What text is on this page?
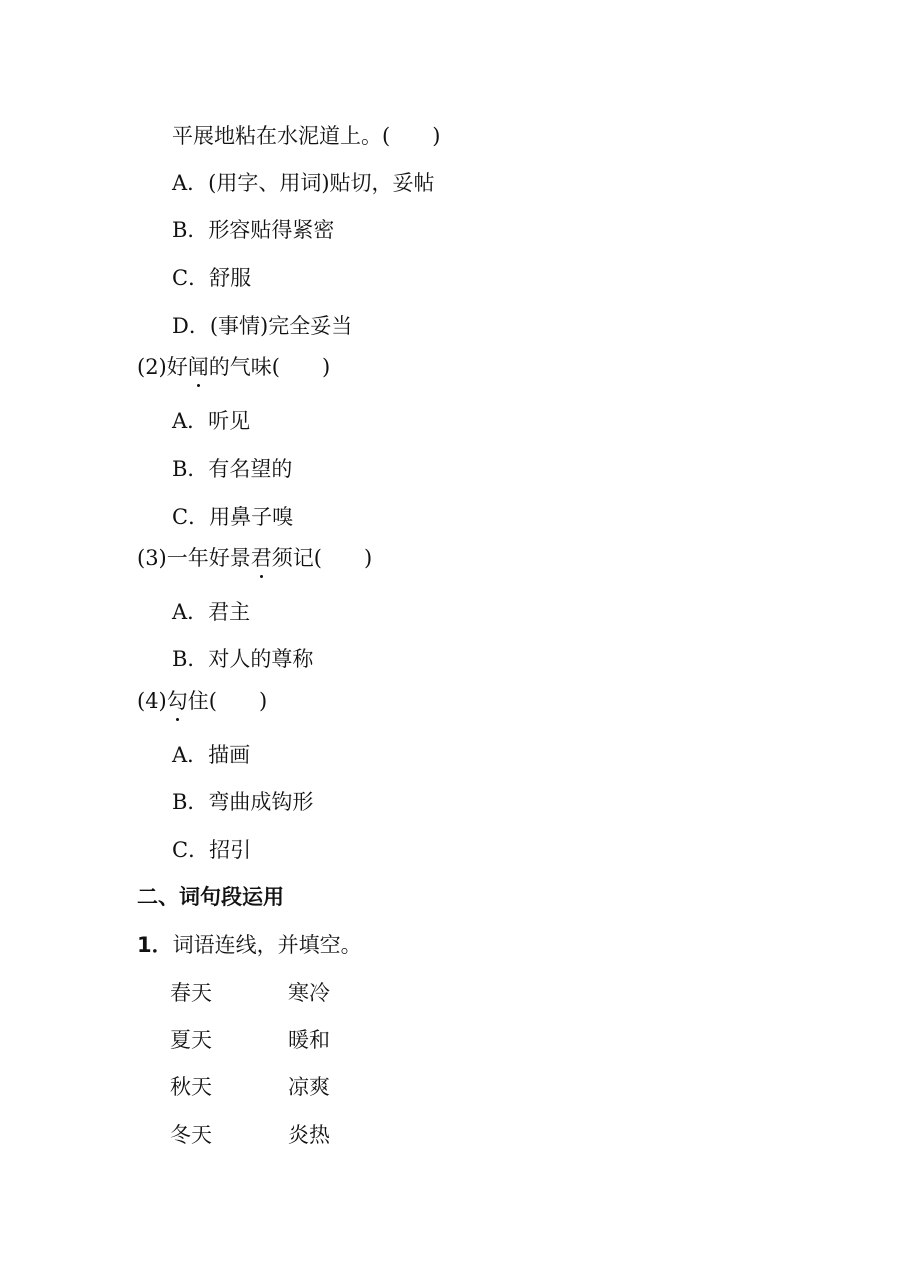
平展地粘在水泥道上。(　　)
A．(用字、用词)贴切，妥帖
B．形容贴得紧密
C．舒服
D．(事情)完全妥当
(2)好闻的气味(　　)
A．听见
B．有名望的
C．用鼻子嗅
(3)一年好景君须记(　　)
A．君主
B．对人的尊称
(4)勾住(　　)
A．描画
B．弯曲成钩形
C．招引
二、词句段运用
1．词语连线，并填空。
春天	寒冷
夏天	暖和
秋天	凉爽
冬天	炎热
